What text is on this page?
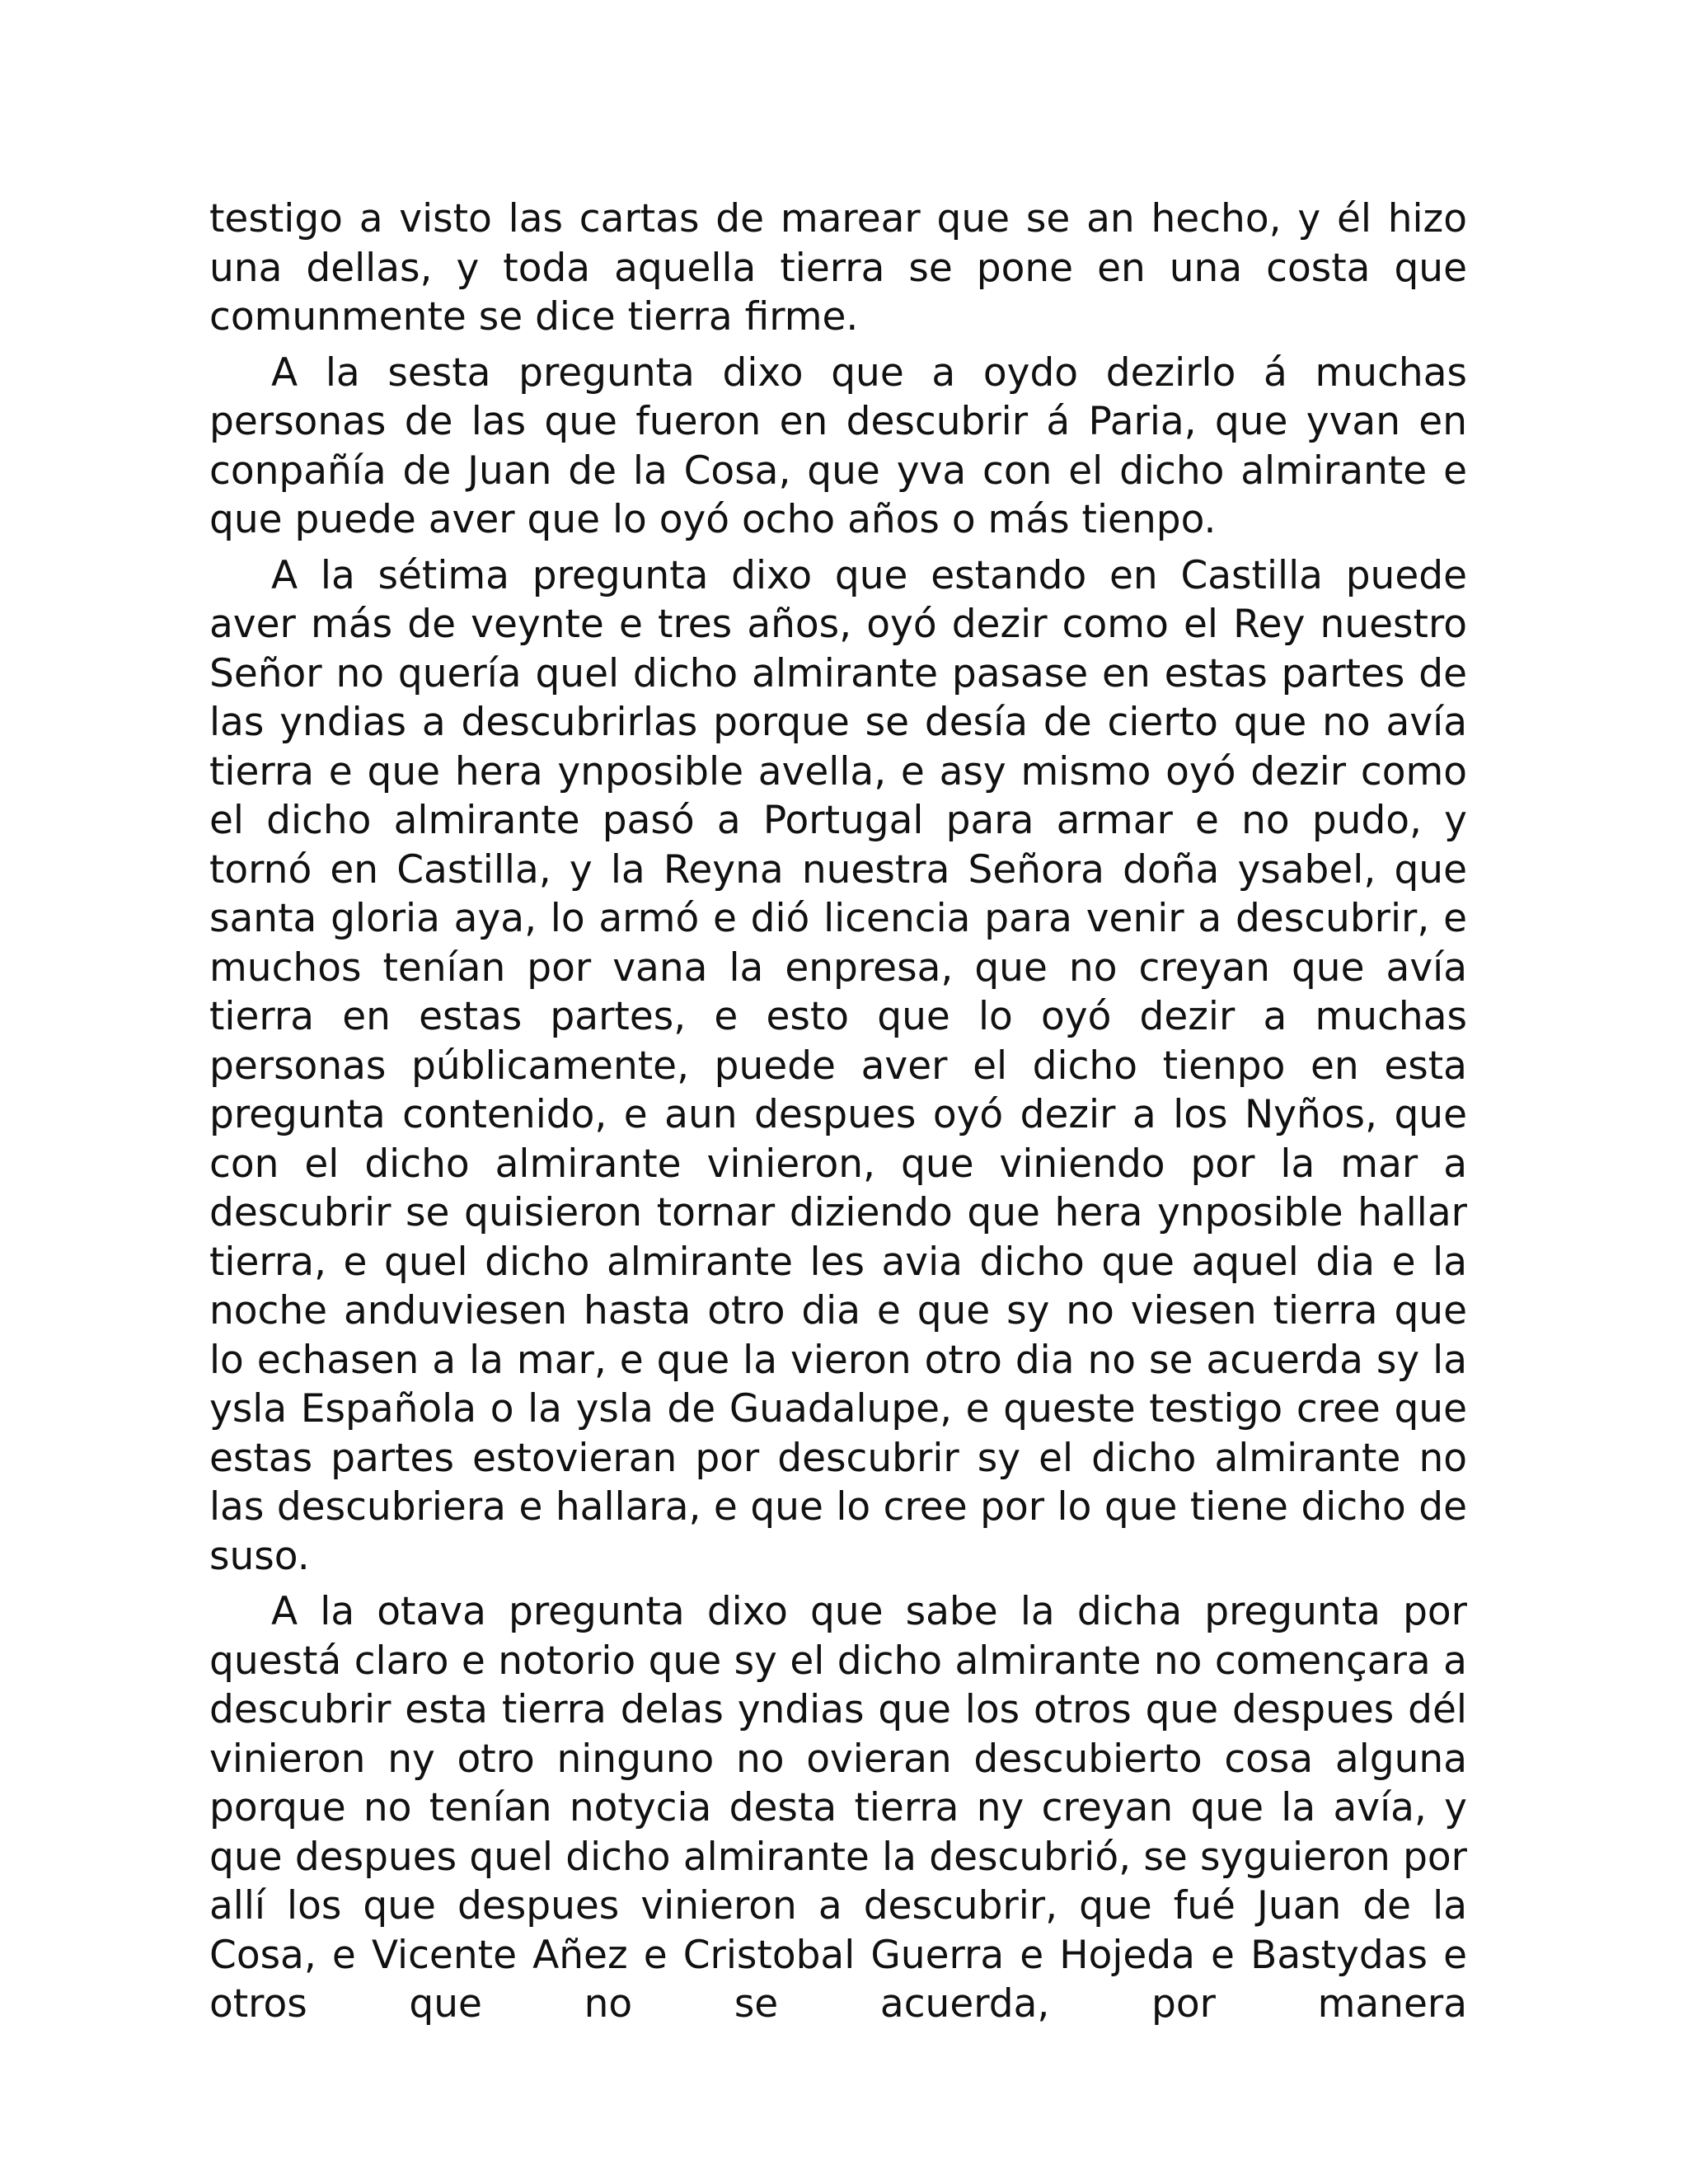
testigo a visto las cartas de marear que se an hecho, y él hizo una dellas, y toda aquella tierra se pone en una costa que comunmente se dice tierra firme.

A la sesta pregunta dixo que a oydo dezirlo á muchas personas de las que fueron en descubrir á Paria, que yvan en conpañía de Juan de la Cosa, que yva con el dicho almirante e que puede aver que lo oyó ocho años o más tienpo.

A la sétima pregunta dixo que estando en Castilla puede aver más de veynte e tres años, oyó dezir como el Rey nuestro Señor no quería quel dicho almirante pasase en estas partes de las yndias a descubrirlas porque se desía de cierto que no avía tierra e que hera ynposible avella, e asy mismo oyó dezir como el dicho almirante pasó a Portugal para armar e no pudo, y tornó en Castilla, y la Reyna nuestra Señora doña ysabel, que santa gloria aya, lo armó e dió licencia para venir a descubrir, e muchos tenían por vana la enpresa, que no creyan que avía tierra en estas partes, e esto que lo oyó dezir a muchas personas públicamente, puede aver el dicho tienpo en esta pregunta contenido, e aun despues oyó dezir a los Nyños, que con el dicho almirante vinieron, que viniendo por la mar a descubrir se quisieron tornar diziendo que hera ynposible hallar tierra, e quel dicho almirante les avia dicho que aquel dia e la noche anduviesen hasta otro dia e que sy no viesen tierra que lo echasen a la mar, e que la vieron otro dia no se acuerda sy la ysla Española o la ysla de Guadalupe, e queste testigo cree que estas partes estovieran por descubrir sy el dicho almirante no las descubriera e hallara, e que lo cree por lo que tiene dicho de suso.

A la otava pregunta dixo que sabe la dicha pregunta por questá claro e notorio que sy el dicho almirante no començara a descubrir esta tierra delas yndias que los otros que despues dél vinieron ny otro ninguno no ovieran descubierto cosa alguna porque no tenían notycia desta tierra ny creyan que la avía, y que despues quel dicho almirante la descubrió, se syguieron por allí los que despues vinieron a descubrir, que fué Juan de la Cosa, e Vicente Añez e Cristobal Guerra e Hojeda e Bastydas e otros que no se acuerda, por manera
